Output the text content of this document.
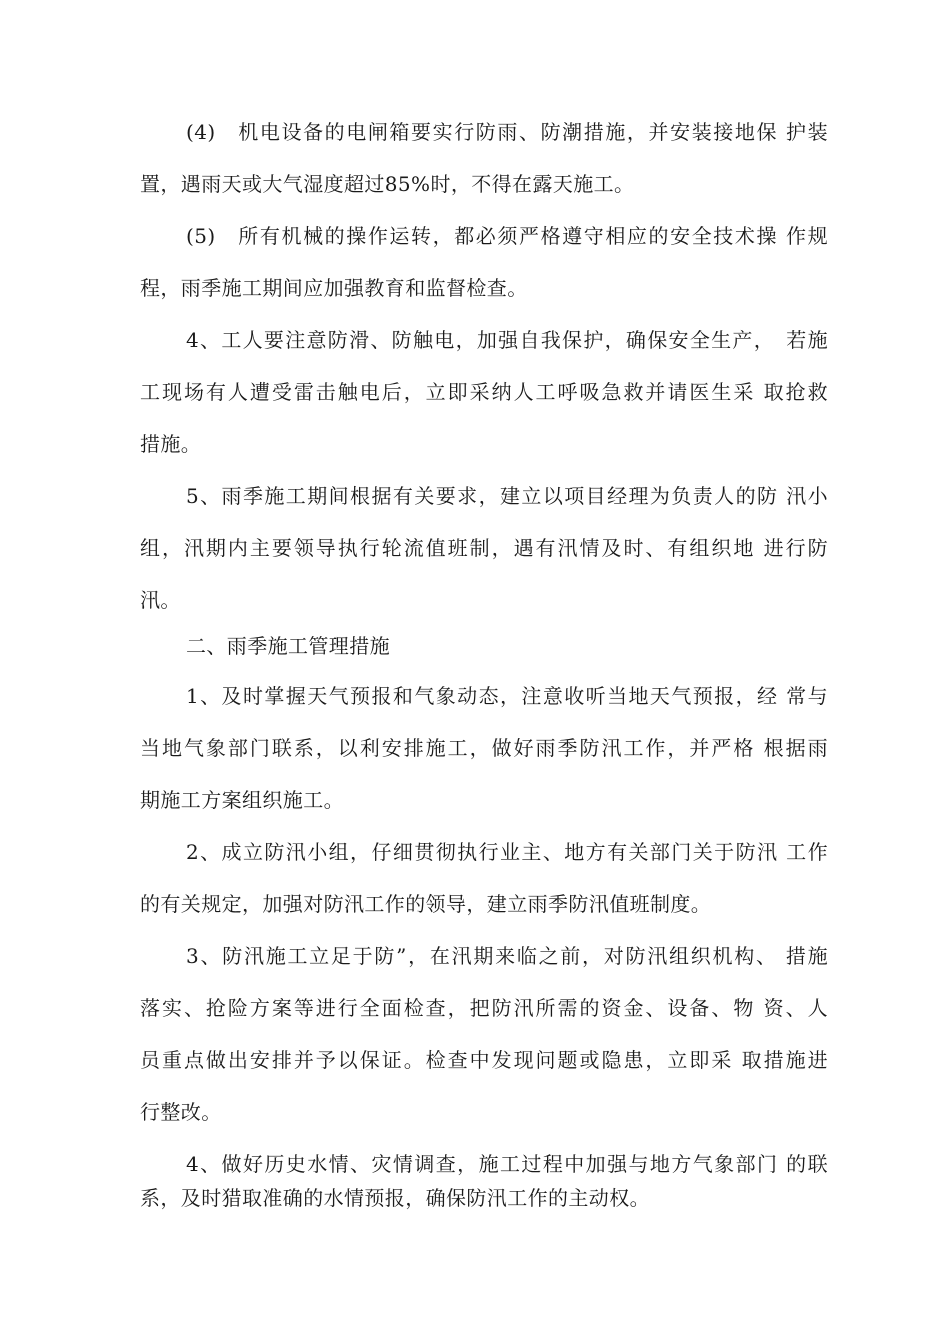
(4)　机电设备的电闸箱要实行防雨、防潮措施，并安装接地保 护装
置，遇雨天或大气湿度超过85%时，不得在露天施工。
(5)　所有机械的操作运转，都必须严格遵守相应的安全技术操 作规
程，雨季施工期间应加强教育和监督检查。
4、工人要注意防滑、防触电，加强自我保护，确保安全生产，　若施
工现场有人遭受雷击触电后，立即采纳人工呼吸急救并请医生采 取抢救
措施。
5、雨季施工期间根据有关要求，建立以项目经理为负责人的防 汛小
组，汛期内主要领导执行轮流值班制，遇有汛情及时、有组织地 进行防
汛。
二、雨季施工管理措施
1、及时掌握天气预报和气象动态，注意收听当地天气预报，经 常与
当地气象部门联系，以利安排施工，做好雨季防汛工作，并严格 根据雨
期施工方案组织施工。
2、成立防汛小组，仔细贯彻执行业主、地方有关部门关于防汛 工作
的有关规定，加强对防汛工作的领导，建立雨季防汛值班制度。
3、防汛施工立足于防”，在汛期来临之前，对防汛组织机构、 措施
落实、抢险方案等进行全面检查，把防汛所需的资金、设备、物 资、人
员重点做出安排并予以保证。检查中发现问题或隐患，立即采 取措施进
行整改。
4、做好历史水情、灾情调查，施工过程中加强与地方气象部门 的联
系，及时猎取准确的水情预报，确保防汛工作的主动权。
